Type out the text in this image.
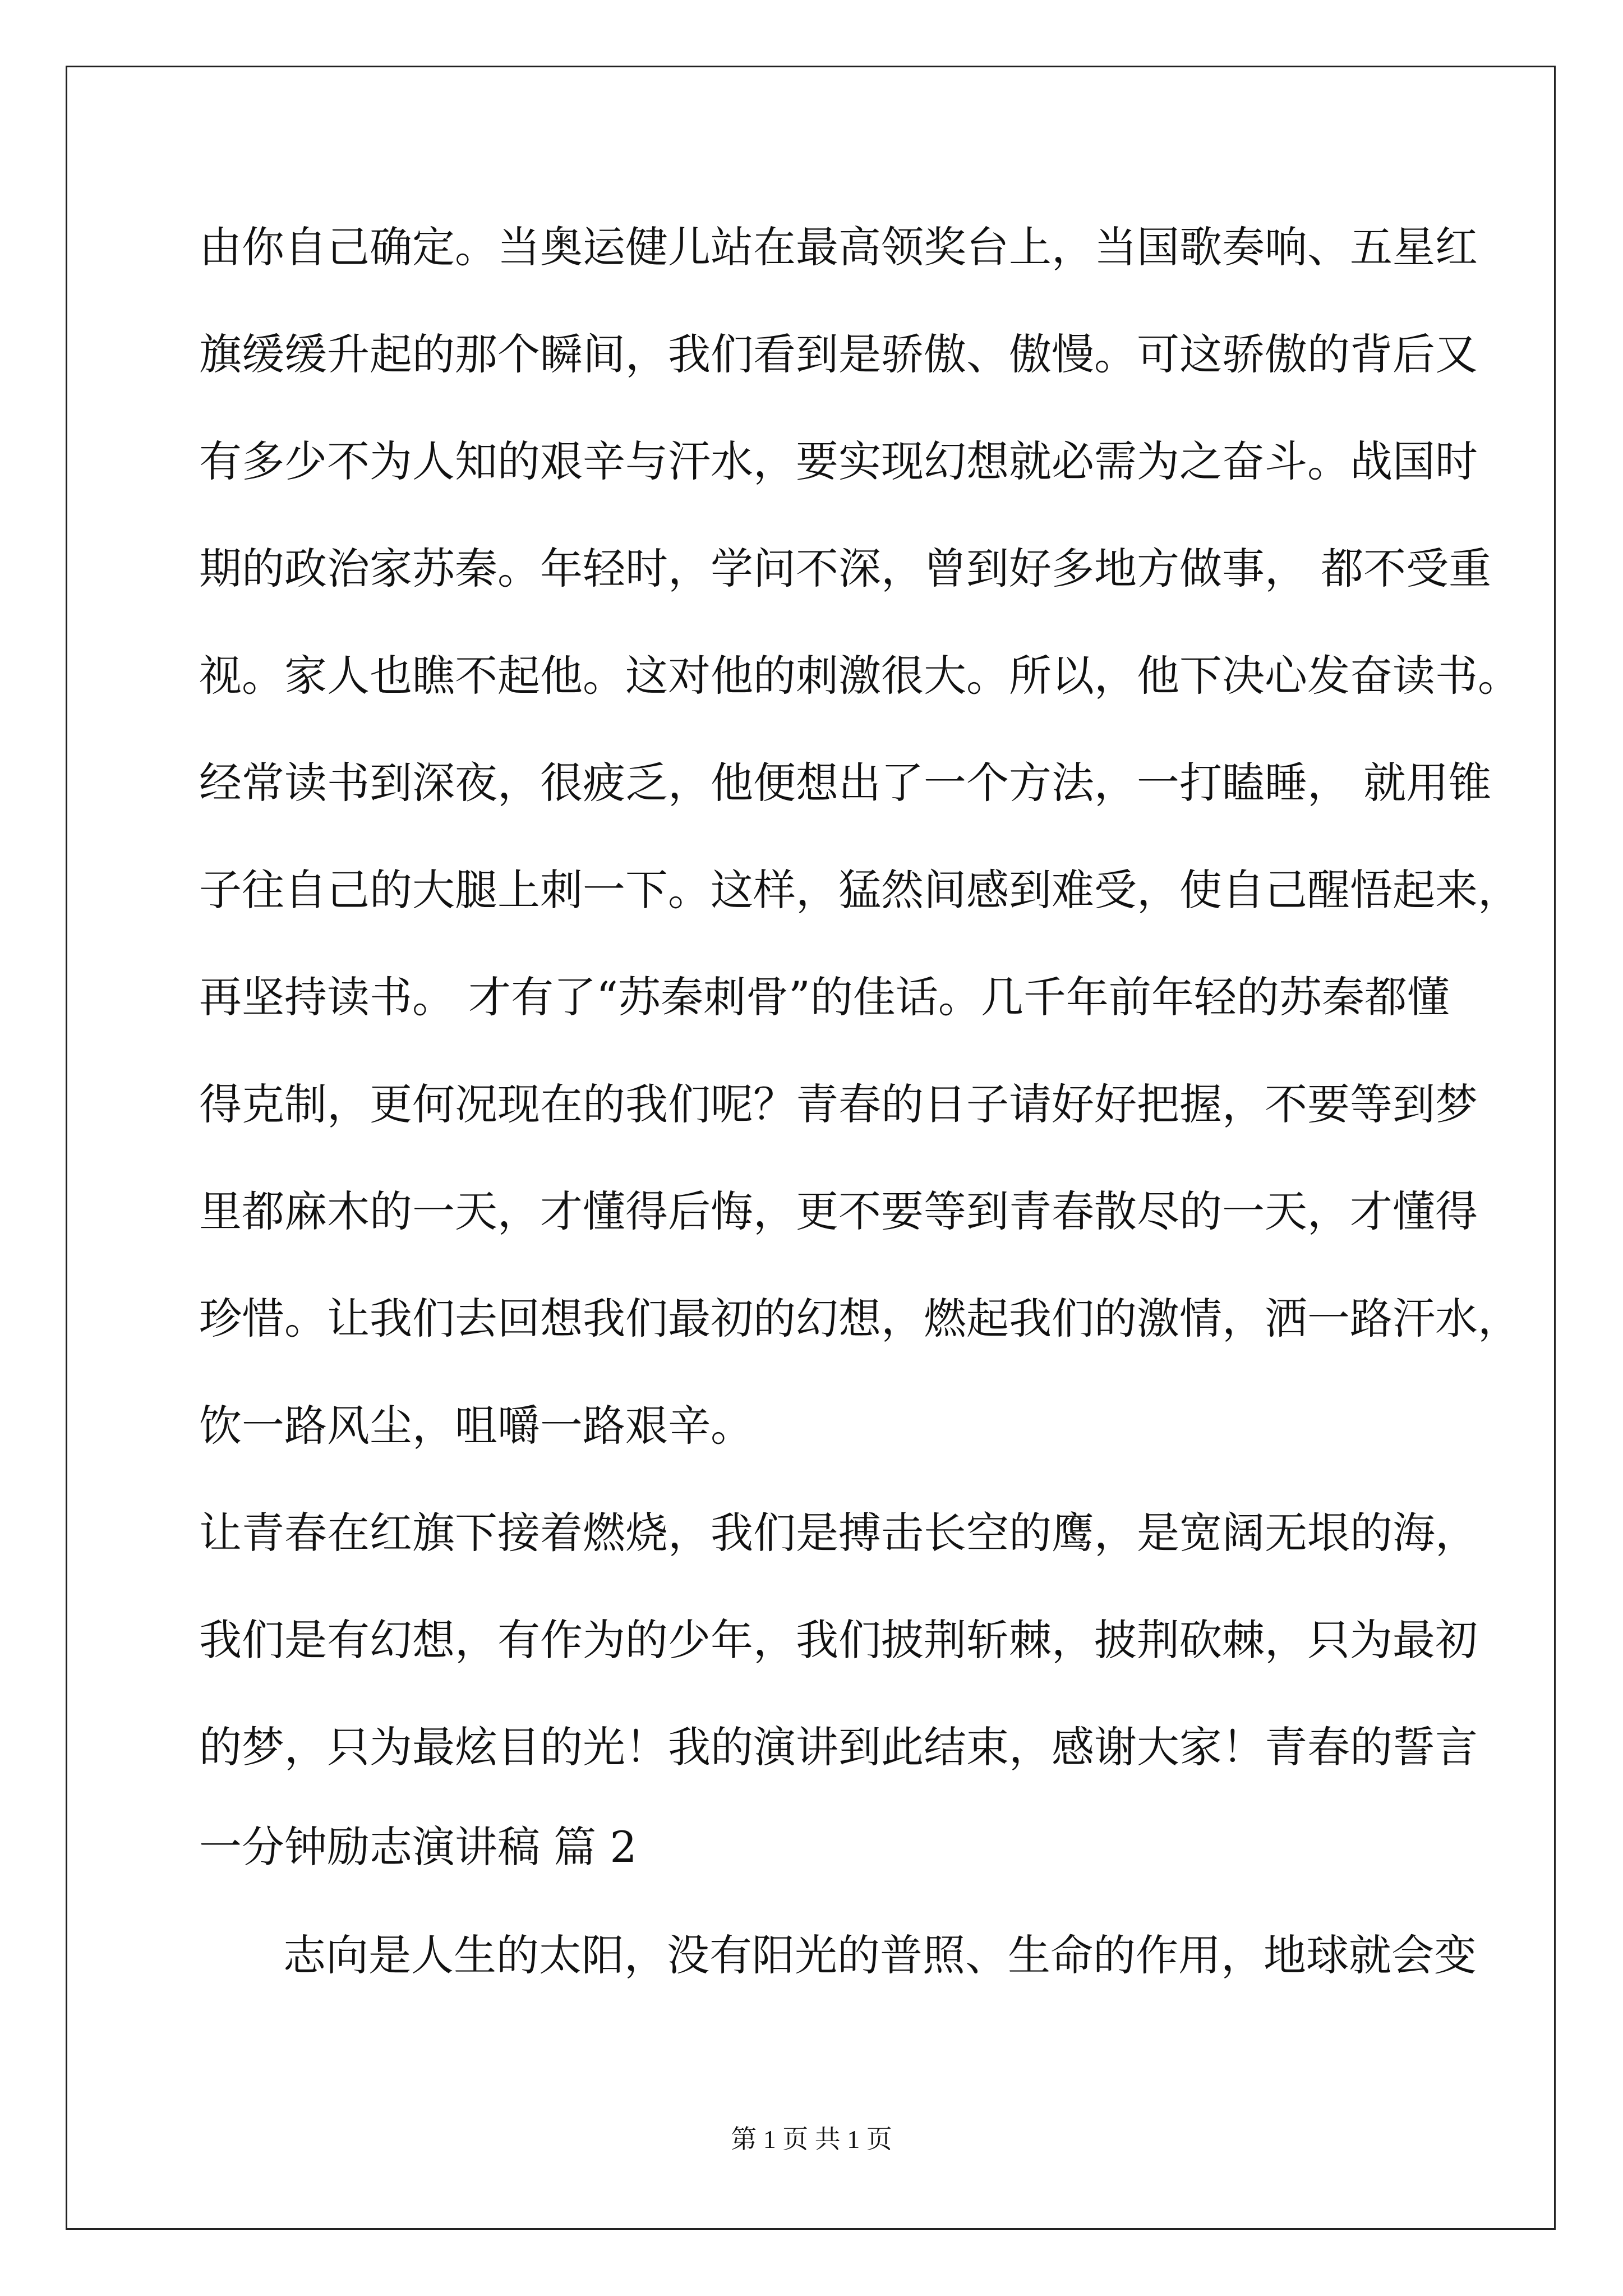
由你自己确定。当奥运健儿站在最高领奖台上，当国歌奏响、五星红

旗缓缓升起的那个瞬间，我们看到是骄傲、傲慢。可这骄傲的背后又

有多少不为人知的艰辛与汗水，要实现幻想就必需为之奋斗。战国时

期的政治家苏秦。年轻时，学问不深，曾到好多地方做事， 都不受重

视。家人也瞧不起他。这对他的刺激很大。所以，他下决心发奋读书。

经常读书到深夜，很疲乏，他便想出了一个方法，一打瞌睡， 就用锥

子往自己的大腿上刺一下。这样，猛然间感到难受，使自己醒悟起来，

再坚持读书。 才有了“苏秦刺骨”的佳话。几千年前年轻的苏秦都懂

得克制，更何况现在的我们呢？青春的日子请好好把握，不要等到梦

里都麻木的一天，才懂得后悔，更不要等到青春散尽的一天，才懂得

珍惜。让我们去回想我们最初的幻想，燃起我们的激情，洒一路汗水，

饮一路风尘，咀嚼一路艰辛。

让青春在红旗下接着燃烧，我们是搏击长空的鹰，是宽阔无垠的海，

我们是有幻想，有作为的少年，我们披荆斩棘，披荆砍棘，只为最初

的梦，只为最炫目的光！我的演讲到此结束，感谢大家！青春的誓言

一分钟励志演讲稿 篇 2

志向是人生的太阳，没有阳光的普照、生命的作用，地球就会变

第 1 页 共 1 页
